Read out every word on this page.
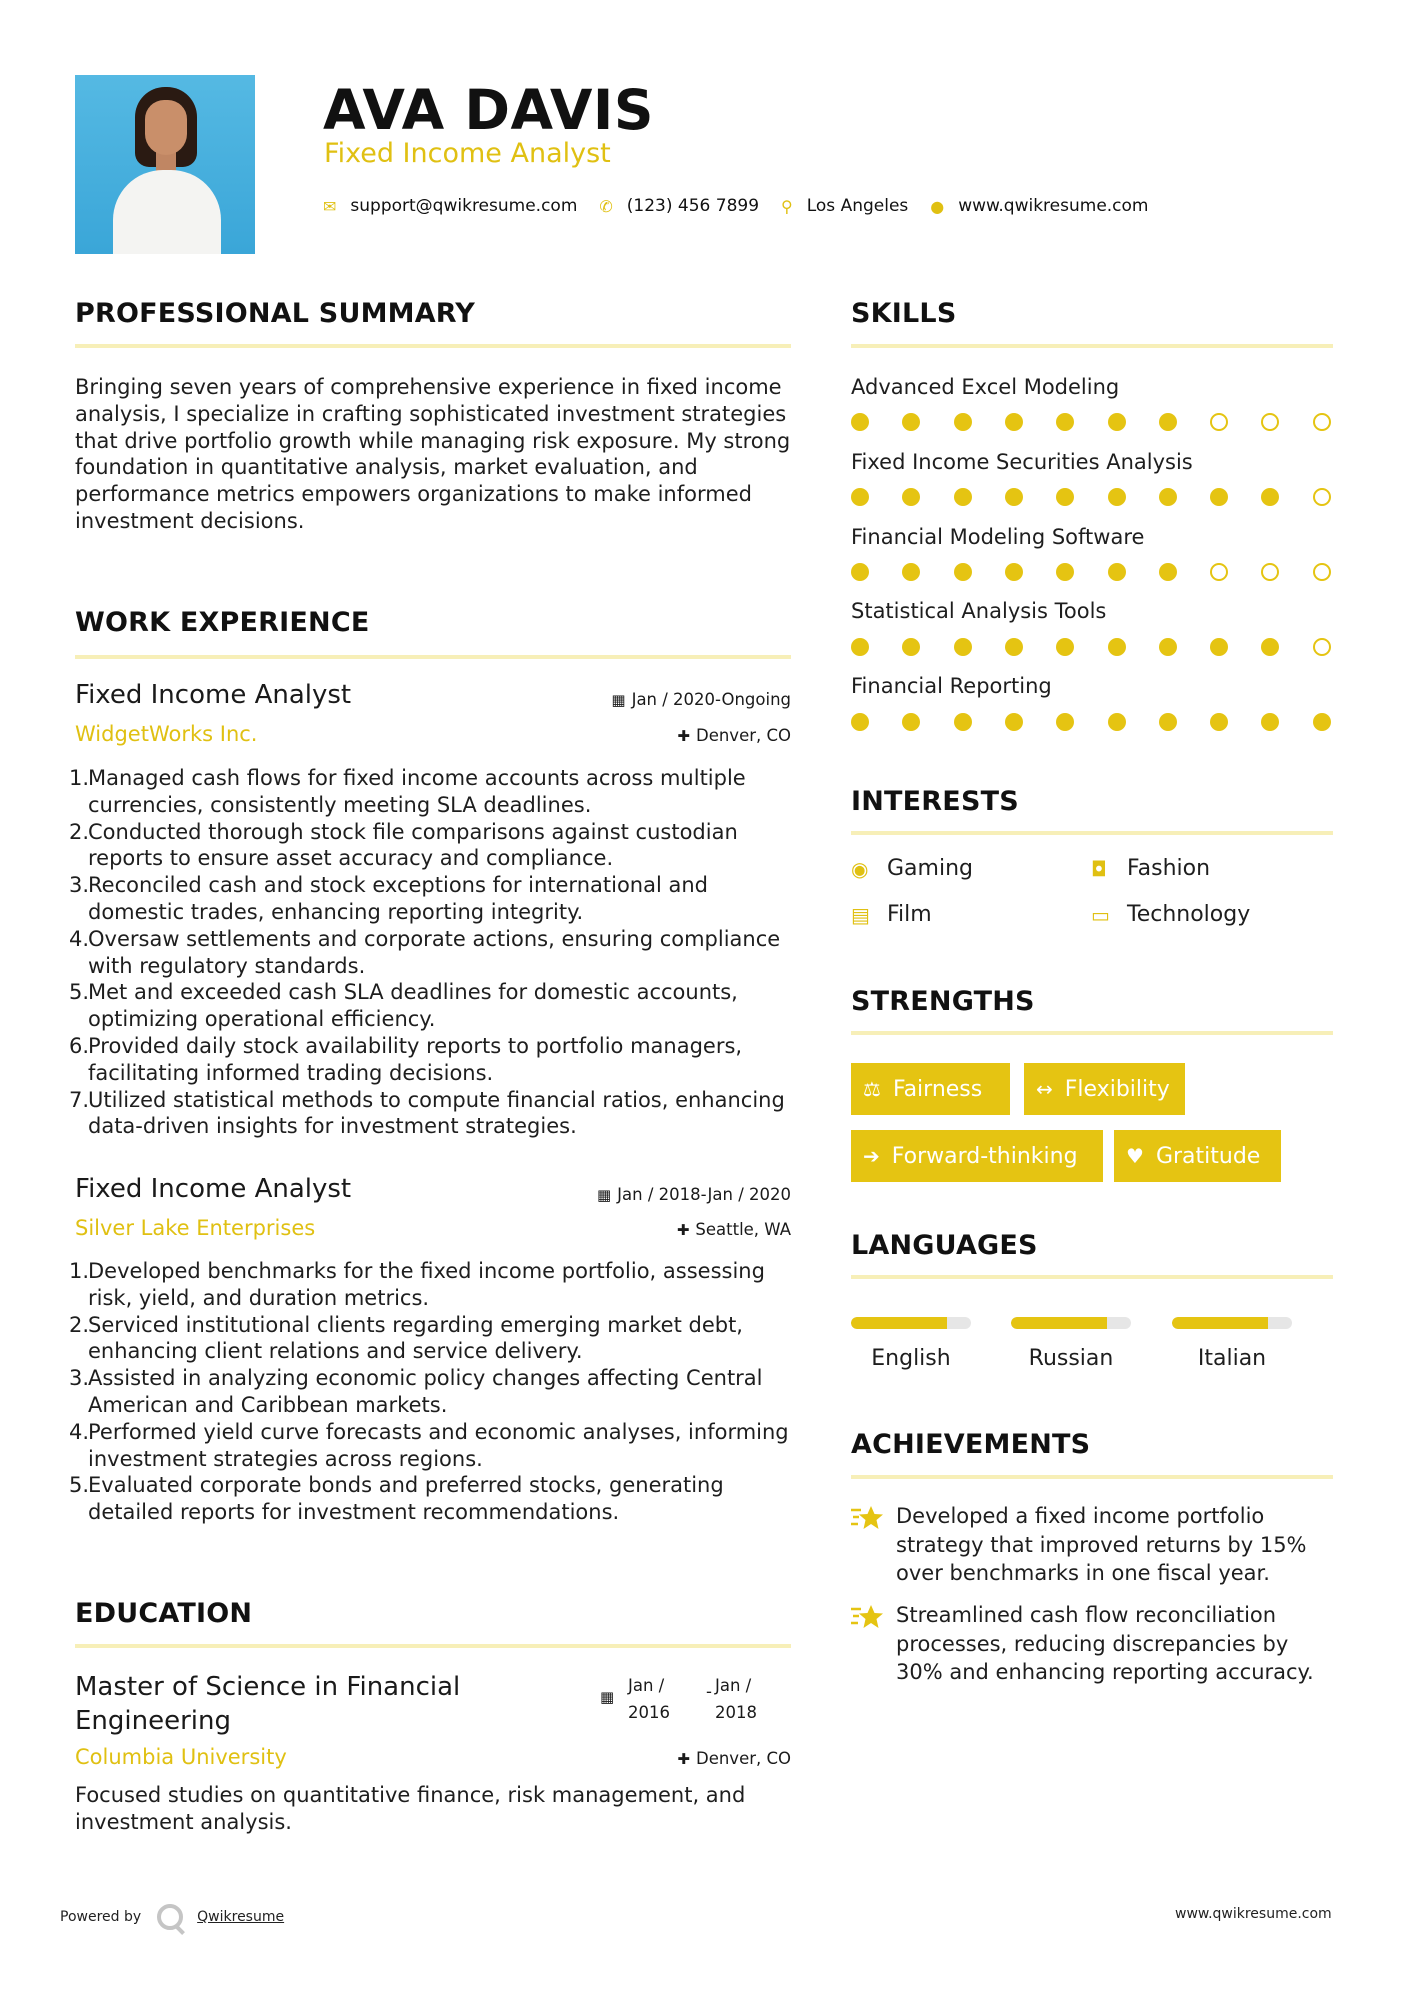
AVA DAVIS
Fixed Income Analyst
✉ support@qwikresume.com ✆ (123) 456 7899 ⚲ Los Angeles ● www.qwikresume.com
PROFESSIONAL SUMMARY
Bringing seven years of comprehensive experience in fixed income analysis, I specialize in crafting sophisticated investment strategies that drive portfolio growth while managing risk exposure. My strong foundation in quantitative analysis, market evaluation, and performance metrics empowers organizations to make informed investment decisions.
WORK EXPERIENCE
Fixed Income Analyst	▦ Jan / 2020-Ongoing
WidgetWorks Inc.	✚ Denver, CO
1.
Managed cash flows for fixed income accounts across multiple currencies, consistently meeting SLA deadlines.
2.
Conducted thorough stock file comparisons against custodian reports to ensure asset accuracy and compliance.
3.
Reconciled cash and stock exceptions for international and domestic trades, enhancing reporting integrity.
4.
Oversaw settlements and corporate actions, ensuring compliance with regulatory standards.
5.
Met and exceeded cash SLA deadlines for domestic accounts, optimizing operational efficiency.
6.
Provided daily stock availability reports to portfolio managers, facilitating informed trading decisions.
7.
Utilized statistical methods to compute financial ratios, enhancing data-driven insights for investment strategies.
Fixed Income Analyst	▦ Jan / 2018-Jan / 2020
Silver Lake Enterprises	✚ Seattle, WA
1.
Developed benchmarks for the fixed income portfolio, assessing risk, yield, and duration metrics.
2.
Serviced institutional clients regarding emerging market debt, enhancing client relations and service delivery.
3.
Assisted in analyzing economic policy changes affecting Central American and Caribbean markets.
4.
Performed yield curve forecasts and economic analyses, informing investment strategies across regions.
5.
Evaluated corporate bonds and preferred stocks, generating detailed reports for investment recommendations.
EDUCATION
Master of Science in Financial Engineering
▦
Jan / 2016
- Jan / 2018
Columbia University	✚ Denver, CO
Focused studies on quantitative finance, risk management, and investment analysis.
SKILLS
Advanced Excel Modeling
Fixed Income Securities Analysis
Financial Modeling Software
Statistical Analysis Tools
Financial Reporting
INTERESTS
◉ Gaming	◘ Fashion
▤ Film	▭ Technology
STRENGTHS
⚖ Fairness	↔ Flexibility
➔ Forward-thinking ♥ Gratitude
LANGUAGES
English	Russian	Italian
ACHIEVEMENTS
Developed a fixed income portfolio strategy that improved returns by 15% over benchmarks in one fiscal year.
Streamlined cash flow reconciliation processes, reducing discrepancies by 30% and enhancing reporting accuracy.
Powered by	Qwikresume	www.qwikresume.com
